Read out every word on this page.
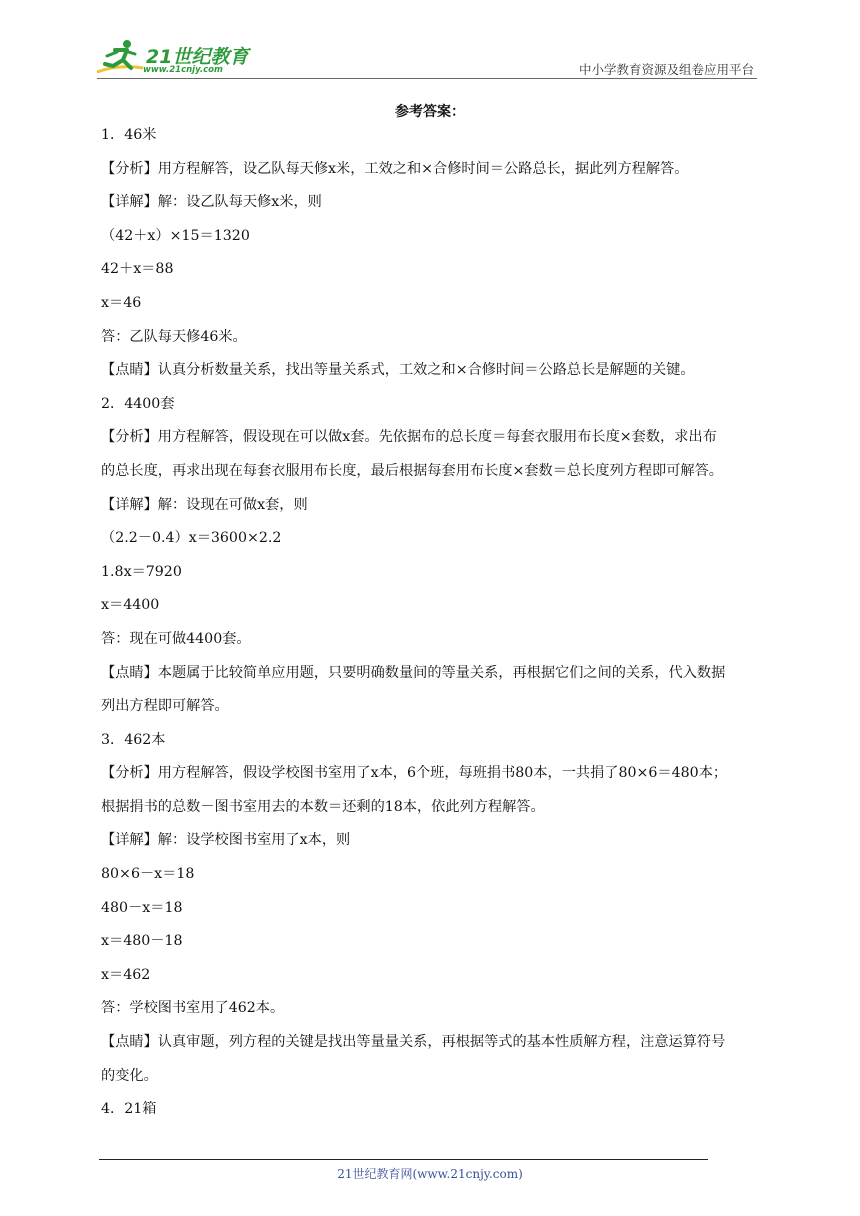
21世纪教育
www.21cnjy.com	中小学教育资源及组卷应用平台
参考答案：

1．46米

【分析】用方程解答，设乙队每天修x米，工效之和×合修时间＝公路总长，据此列方程解答。

【详解】解：设乙队每天修x米，则

（42＋x）×15＝1320

42＋x＝88

x＝46

答：乙队每天修46米。

【点睛】认真分析数量关系，找出等量关系式，工效之和×合修时间＝公路总长是解题的关键。

2．4400套

【分析】用方程解答，假设现在可以做x套。先依据布的总长度＝每套衣服用布长度×套数，求出布

的总长度，再求出现在每套衣服用布长度，最后根据每套用布长度×套数＝总长度列方程即可解答。

【详解】解：设现在可做x套，则

（2.2－0.4）x＝3600×2.2

1.8x＝7920

x＝4400

答：现在可做4400套。

【点睛】本题属于比较简单应用题，只要明确数量间的等量关系，再根据它们之间的关系，代入数据

列出方程即可解答。

3．462本

【分析】用方程解答，假设学校图书室用了x本，6个班，每班捐书80本，一共捐了80×6＝480本；

根据捐书的总数－图书室用去的本数＝还剩的18本，依此列方程解答。

【详解】解：设学校图书室用了x本，则

80×6－x＝18

480－x＝18

x＝480－18

x＝462

答：学校图书室用了462本。

【点睛】认真审题，列方程的关键是找出等量量关系，再根据等式的基本性质解方程，注意运算符号

的变化。

4．21箱

21世纪教育网(www.21cnjy.com)
